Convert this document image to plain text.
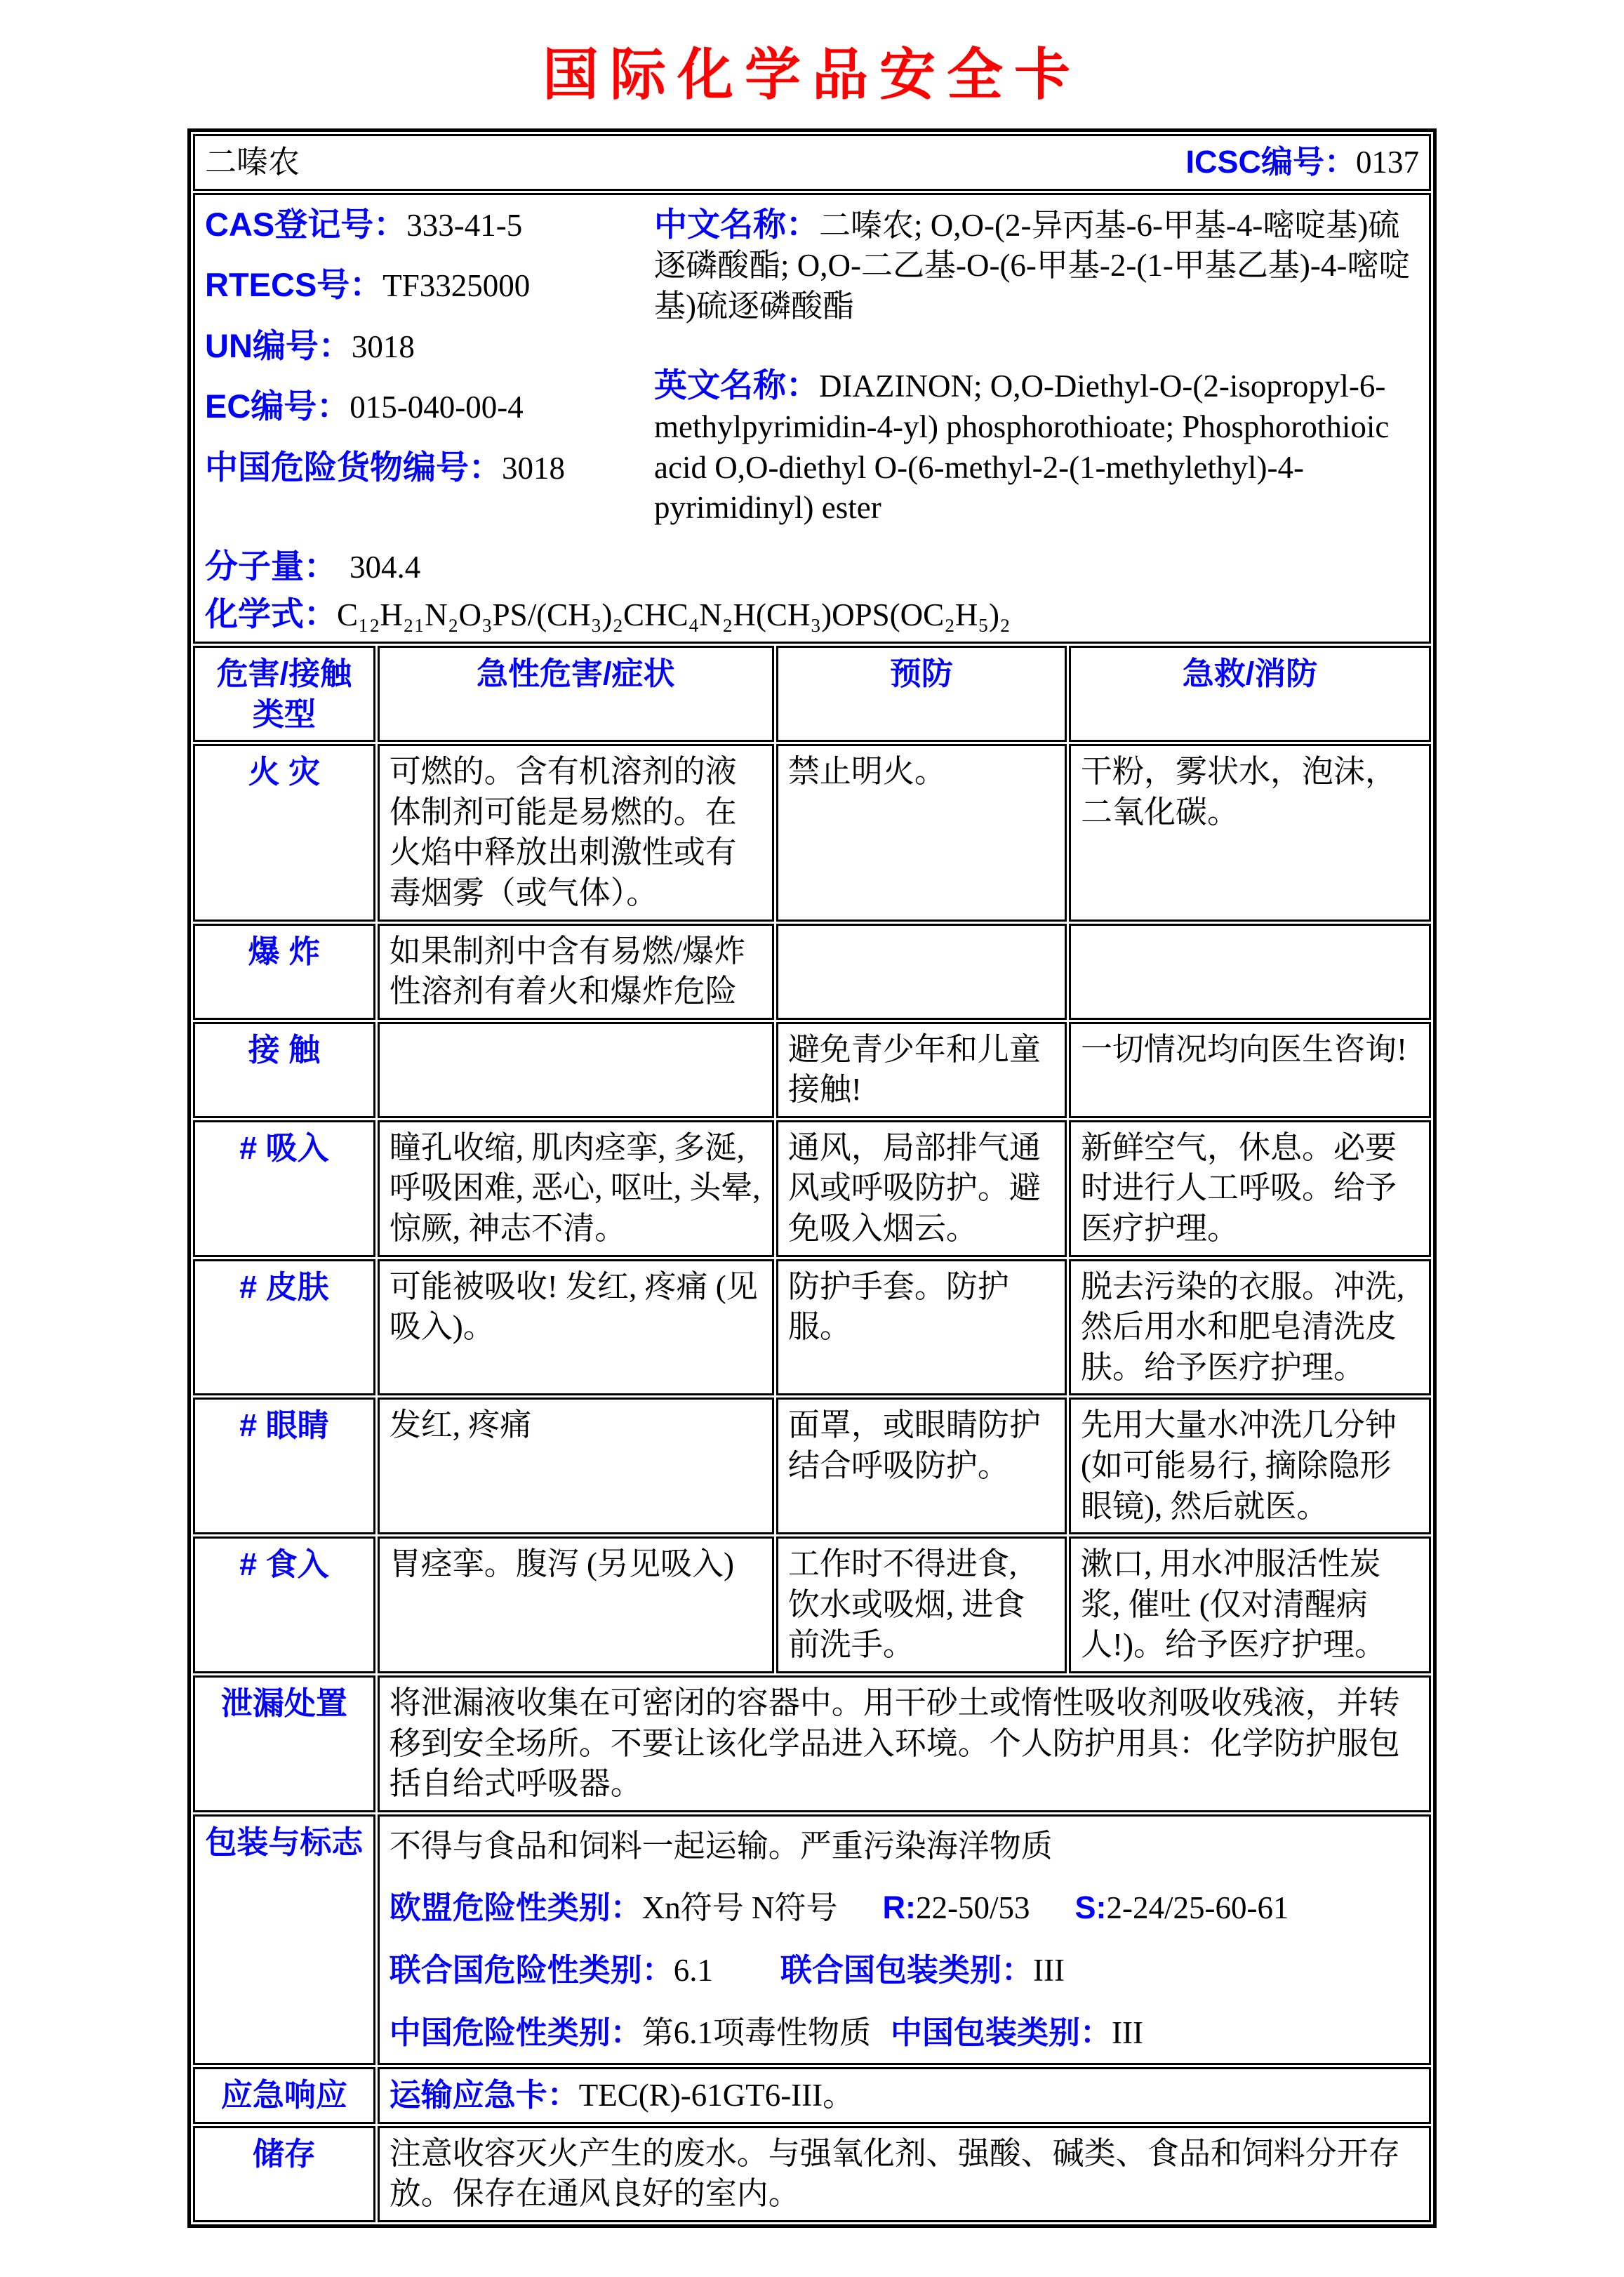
国际化学品安全卡
二嗪农 ICSC编号：0137			

CAS登记号：333-41-5
RTECS号：TF3325000
UN编号：3018
EC编号：015-040-00-4
中国危险货物编号：3018

中文名称：二嗪农; O,O-(2-异丙基-6-甲基-4-嘧啶基)硫逐磷酸酯; O,O-二乙基-O-(6-甲基-2-(1-甲基乙基)-4-嘧啶基)硫逐磷酸酯

英文名称：DIAZINON; O,O-Diethyl-O-(2-isopropyl-6-methylpyrimidin-4-yl) phosphorothioate; Phosphorothioic acid O,O-diethyl O-(6-methyl-2-(1-methylethyl)-4-pyrimidinyl) ester

分子量： 304.4
化学式：C₁₂H₂₁N₂O₃PS/(CH₃)₂CHC₄N₂H(CH₃)OPS(OC₂H₅)₂

危害/接触
类型	急性危害/症状	预防	急救/消防
火 灾	可燃的。含有机溶剂的液体制剂可能是易燃的。在火焰中释放出刺激性或有毒烟雾（或气体）。	禁止明火。	干粉，雾状水，泡沫，二氧化碳。
爆 炸	如果制剂中含有易燃/爆炸性溶剂有着火和爆炸危险		
接 触		避免青少年和儿童接触!	一切情况均向医生咨询!
# 吸入	瞳孔收缩, 肌肉痉挛, 多涎, 呼吸困难, 恶心, 呕吐, 头晕, 惊厥, 神志不清。	通风，局部排气通风或呼吸防护。避免吸入烟云。	新鲜空气，休息。必要时进行人工呼吸。给予医疗护理。
# 皮肤	可能被吸收! 发红, 疼痛 (见吸入)。	防护手套。防护服。	脱去污染的衣服。冲洗, 然后用水和肥皂清洗皮肤。给予医疗护理。
# 眼睛	发红, 疼痛	面罩，或眼睛防护结合呼吸防护。	先用大量水冲洗几分钟 (如可能易行, 摘除隐形眼镜), 然后就医。
# 食入	胃痉挛。腹泻 (另见吸入)	工作时不得进食, 饮水或吸烟, 进食前洗手。	漱口, 用水冲服活性炭浆, 催吐 (仅对清醒病人!)。给予医疗护理。
泄漏处置	将泄漏液收集在可密闭的容器中。用干砂土或惰性吸收剂吸收残液，并转移到安全场所。不要让该化学品进入环境。个人防护用具：化学防护服包括自给式呼吸器。		
包装与标志	不得与食品和饲料一起运输。严重污染海洋物质
欧盟危险性类别：Xn符号 N符号 R:22-50/53 S:2-24/25-60-61
联合国危险性类别：6.1 联合国包装类别：III
中国危险性类别：第6.1项毒性物质 中国包装类别：III		

应急响应	运输应急卡：TEC(R)-61GT6-III。		
储存	注意收容灭火产生的废水。与强氧化剂、强酸、碱类、食品和饲料分开存放。保存在通风良好的室内。		
